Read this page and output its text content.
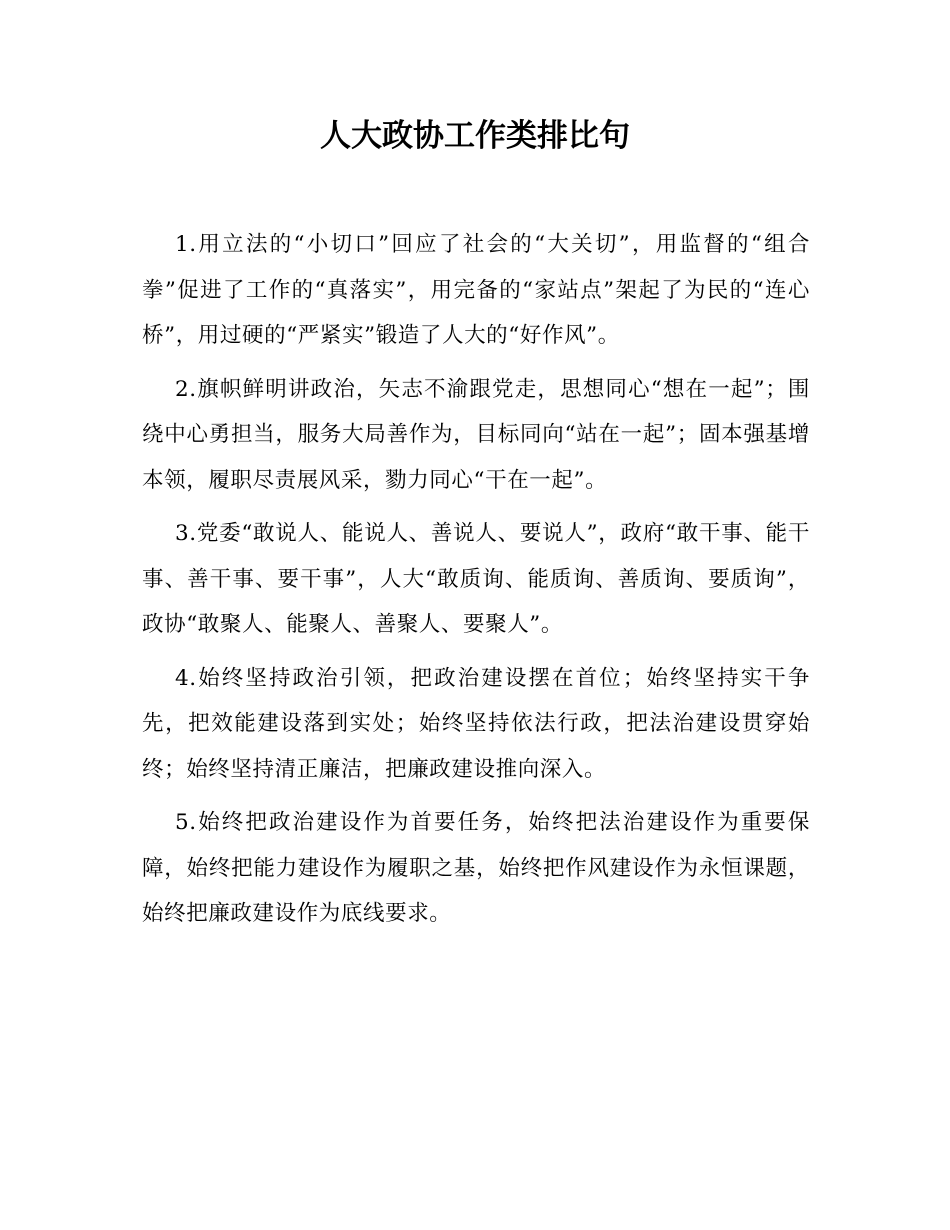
人大政协工作类排比句

1.用立法的“小切口”回应了社会的“大关切”，用监督的“组合拳”促进了工作的“真落实”，用完备的“家站点”架起了为民的“连心桥”，用过硬的“严紧实”锻造了人大的“好作风”。

2.旗帜鲜明讲政治，矢志不渝跟党走，思想同心“想在一起”；围绕中心勇担当，服务大局善作为，目标同向“站在一起”；固本强基增本领，履职尽责展风采，勠力同心“干在一起”。

3.党委“敢说人、能说人、善说人、要说人”，政府“敢干事、能干事、善干事、要干事”，人大“敢质询、能质询、善质询、要质询”，政协“敢聚人、能聚人、善聚人、要聚人”。

4.始终坚持政治引领，把政治建设摆在首位；始终坚持实干争先，把效能建设落到实处；始终坚持依法行政，把法治建设贯穿始终；始终坚持清正廉洁，把廉政建设推向深入。

5.始终把政治建设作为首要任务，始终把法治建设作为重要保障，始终把能力建设作为履职之基，始终把作风建设作为永恒课题，始终把廉政建设作为底线要求。
